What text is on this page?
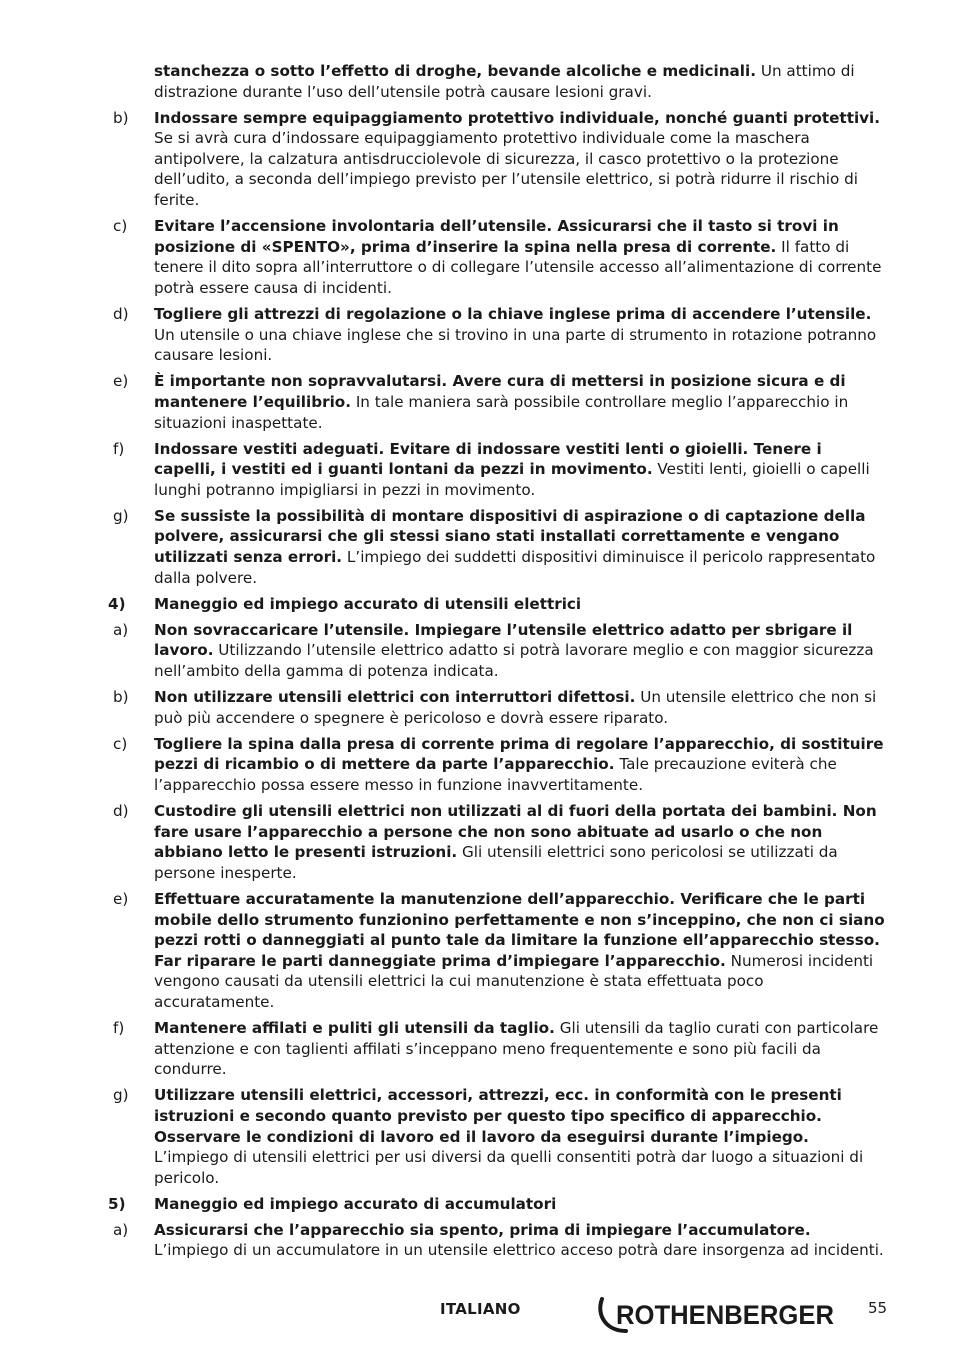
stanchezza o sotto l’effetto di droghe, bevande alcoliche e medicinali. Un attimo di distrazione durante l’uso dell’utensile potrà causare lesioni gravi.
b)	Indossare sempre equipaggiamento protettivo individuale, nonché guanti protettivi. Se si avrà cura d’indossare equipaggiamento protettivo individuale come la maschera antipolvere, la calzatura antisdrucciolevole di sicurezza, il casco protettivo o la protezione dell’udito, a seconda dell’impiego previsto per l’utensile elettrico, si potrà ridurre il rischio di ferite.
c)	Evitare l’accensione involontaria dell’utensile. Assicurarsi che il tasto si trovi in posizione di «SPENTO», prima d’inserire la spina nella presa di corrente. Il fatto di tenere il dito sopra all’interruttore o di collegare l’utensile accesso all’alimentazione di corrente potrà essere causa di incidenti.
d)	Togliere gli attrezzi di regolazione o la chiave inglese prima di accendere l’utensile. Un utensile o una chiave inglese che si trovino in una parte di strumento in rotazione potranno causare lesioni.
e)	È importante non sopravvalutarsi. Avere cura di mettersi in posizione sicura e di mantenere l’equilibrio. In tale maniera sarà possibile controllare meglio l’apparecchio in situazioni inaspettate.
f)	Indossare vestiti adeguati. Evitare di indossare vestiti lenti o gioielli. Tenere i capelli, i vestiti ed i guanti lontani da pezzi in movimento. Vestiti lenti, gioielli o capelli lunghi potranno impigliarsi in pezzi in movimento.
g)	Se sussiste la possibilità di montare dispositivi di aspirazione o di captazione della polvere, assicurarsi che gli stessi siano stati installati correttamente e vengano utilizzati senza errori. L’impiego dei suddetti dispositivi diminuisce il pericolo rappresentato dalla polvere.
4)	Maneggio ed impiego accurato di utensili elettrici
a)	Non sovraccaricare l’utensile. Impiegare l’utensile elettrico adatto per sbrigare il lavoro. Utilizzando l’utensile elettrico adatto si potrà lavorare meglio e con maggior sicurezza nell’ambito della gamma di potenza indicata.
b)	Non utilizzare utensili elettrici con interruttori difettosi. Un utensile elettrico che non si può più accendere o spegnere è pericoloso e dovrà essere riparato.
c)	Togliere la spina dalla presa di corrente prima di regolare l’apparecchio, di sostituire pezzi di ricambio o di mettere da parte l’apparecchio. Tale precauzione eviterà che l’apparecchio possa essere messo in funzione inavvertitamente.
d)	Custodire gli utensili elettrici non utilizzati al di fuori della portata dei bambini. Non fare usare l’apparecchio a persone che non sono abituate ad usarlo o che non abbiano letto le presenti istruzioni. Gli utensili elettrici sono pericolosi se utilizzati da persone inesperte.
e)	Effettuare accuratamente la manutenzione dell’apparecchio. Verificare che le parti mobile dello strumento funzionino perfettamente e non s’inceppino, che non ci siano pezzi rotti o danneggiati al punto tale da limitare la funzione ell’apparecchio stesso. Far riparare le parti danneggiate prima d’impiegare l’apparecchio. Numerosi incidenti vengono causati da utensili elettrici la cui manutenzione è stata effettuata poco accuratamente.
f)	Mantenere affilati e puliti gli utensili da taglio. Gli utensili da taglio curati con particolare attenzione e con taglienti affilati s’inceppano meno frequentemente e sono più facili da condurre.
g)	Utilizzare utensili elettrici, accessori, attrezzi, ecc. in conformità con le presenti istruzioni e secondo quanto previsto per questo tipo specifico di apparecchio. Osservare le condizioni di lavoro ed il lavoro da eseguirsi durante l’impiego. L’impiego di utensili elettrici per usi diversi da quelli consentiti potrà dar luogo a situazioni di pericolo.
5)	Maneggio ed impiego accurato di accumulatori
a)	Assicurarsi che l’apparecchio sia spento, prima di impiegare l’accumulatore. L’impiego di un accumulatore in un utensile elettrico acceso potrà dare insorgenza ad incidenti.
ITALIANO	ROTHENBERGER 55
